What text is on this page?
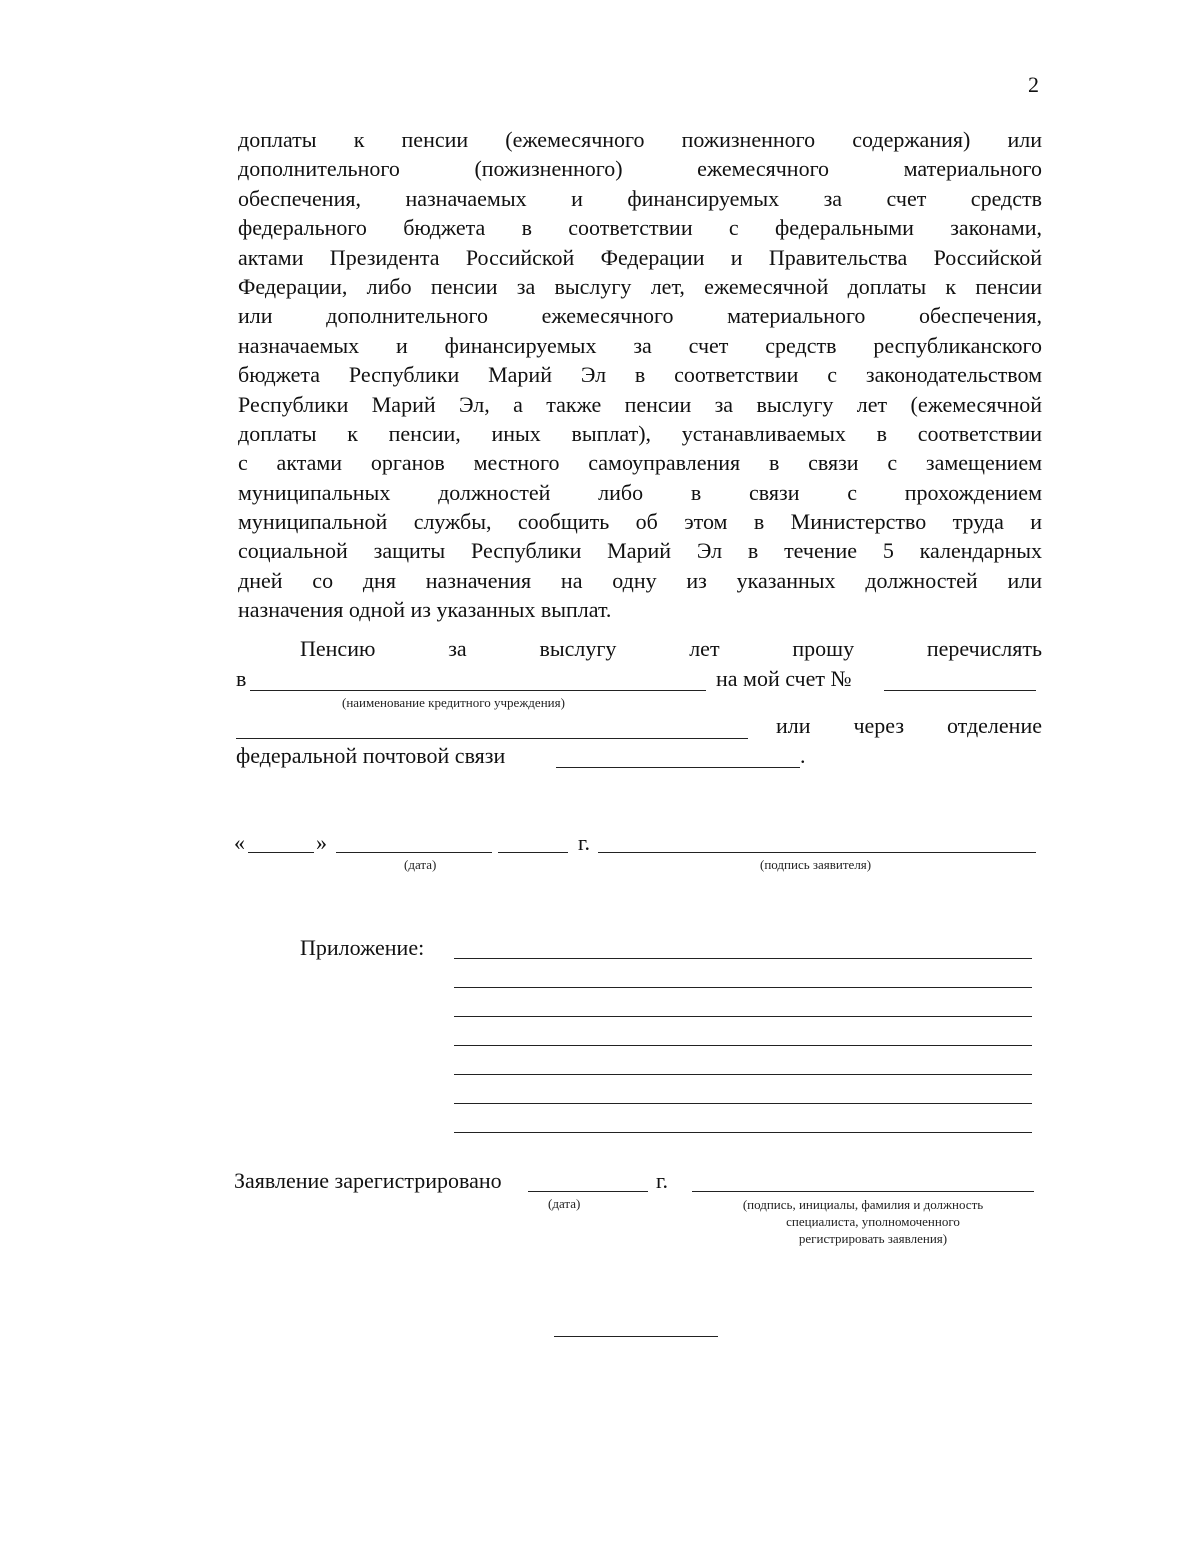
2
доплаты к пенсии (ежемесячного пожизненного содержания) или
дополнительного (пожизненного) ежемесячного материального
обеспечения, назначаемых и финансируемых за счет средств
федерального бюджета в соответствии с федеральными законами,
актами Президента Российской Федерации и Правительства Российской
Федерации, либо пенсии за выслугу лет, ежемесячной доплаты к пенсии
или дополнительного ежемесячного материального обеспечения,
назначаемых и финансируемых за счет средств республиканского
бюджета Республики Марий Эл в соответствии с законодательством
Республики Марий Эл, а также пенсии за выслугу лет (ежемесячной
доплаты к пенсии, иных выплат), устанавливаемых в соответствии
с актами органов местного самоуправления в связи с замещением
муниципальных должностей либо в связи с прохождением
муниципальной службы, сообщить об этом в Министерство труда и
социальной защиты Республики Марий Эл в течение 5 календарных
дней со дня назначения на одну из указанных должностей или
назначения одной из указанных выплат.
Пенсию	за	выслугу	лет	прошу	перечислять
в	на мой счет №
(наименование кредитного учреждения)
или через отделение
федеральной почтовой связи	.
«	»	г.
(дата)	(подпись заявителя)
Приложение:
Заявление зарегистрировано	г.
(дата)	(подпись, инициалы, фамилия и должность
специалиста, уполномоченного
регистрировать заявления)
